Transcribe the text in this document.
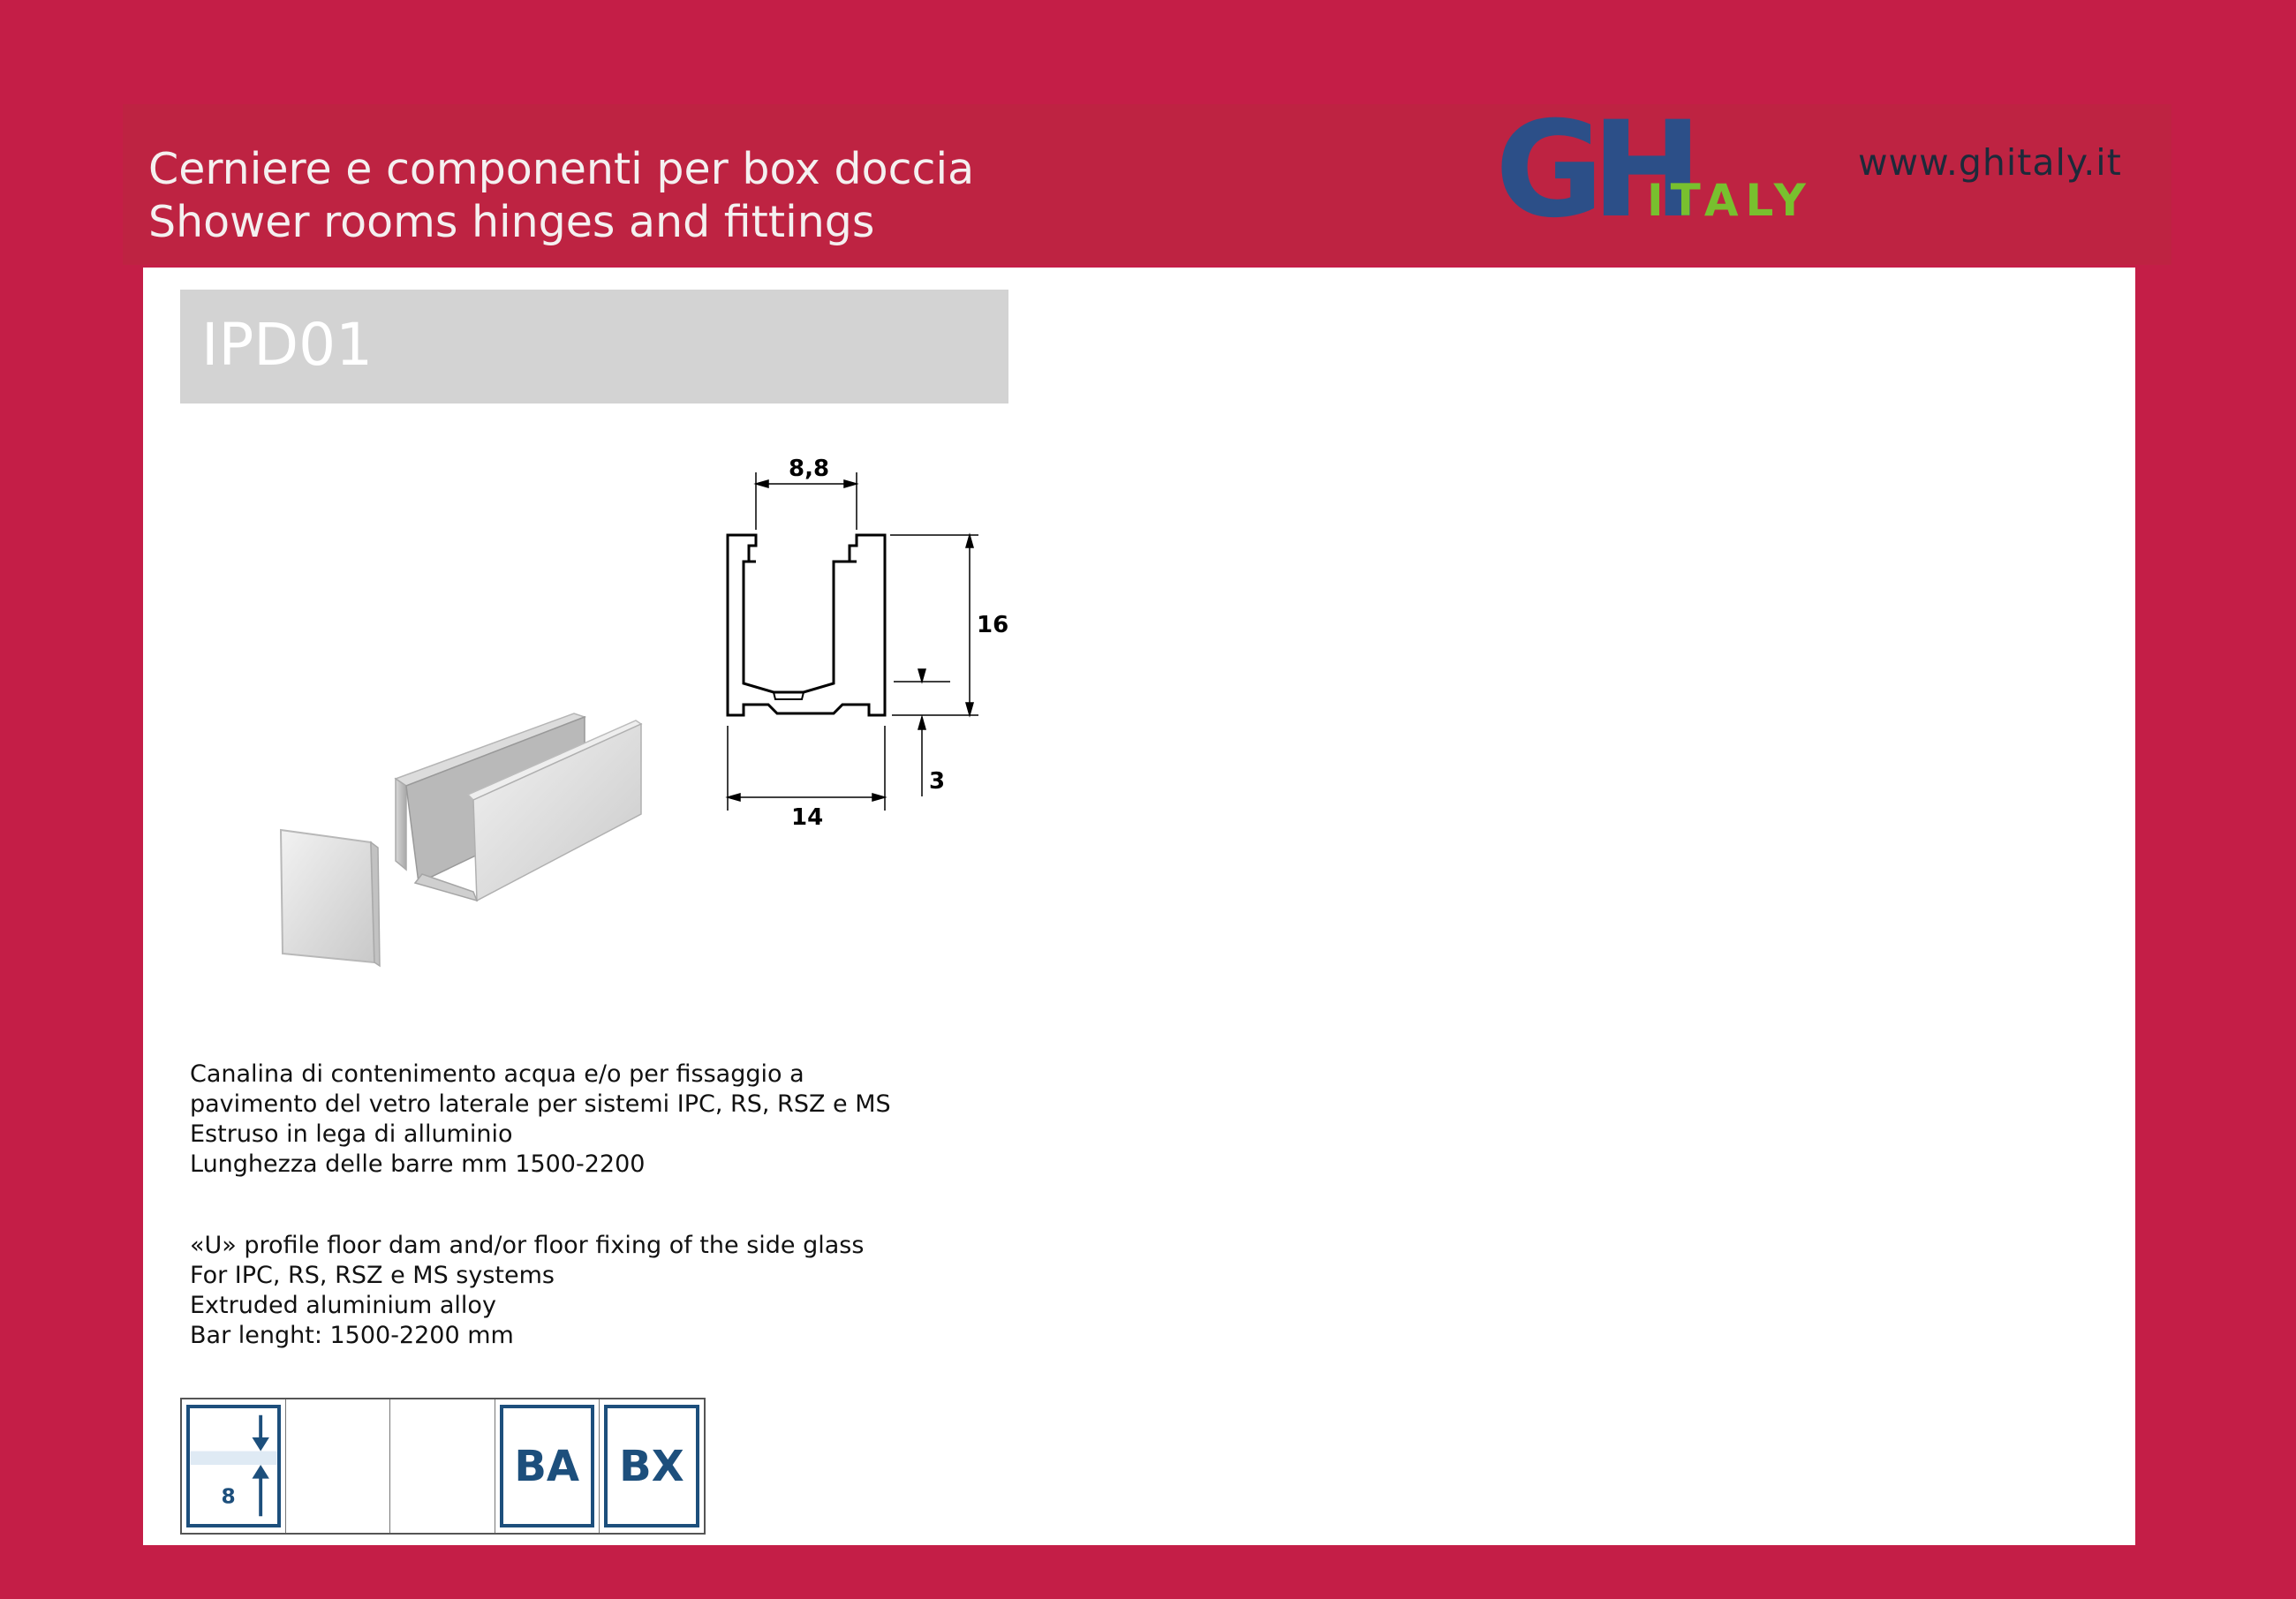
Cerniere e componenti per box doccia
Shower rooms hinges and fittings	GH
ITALY
www.ghitaly.it
IPD01
8,8
16
3
14
Canalina di contenimento acqua e/o per fissaggio a
pavimento del vetro laterale per sistemi IPC, RS, RSZ e MS
Estruso in lega di alluminio
Lunghezza delle barre mm 1500-2200
«U» profile floor dam and/or floor fixing of the side glass
For IPC, RS, RSZ e MS systems
Extruded aluminium alloy
Bar lenght: 1500-2200 mm
8
BA BX
